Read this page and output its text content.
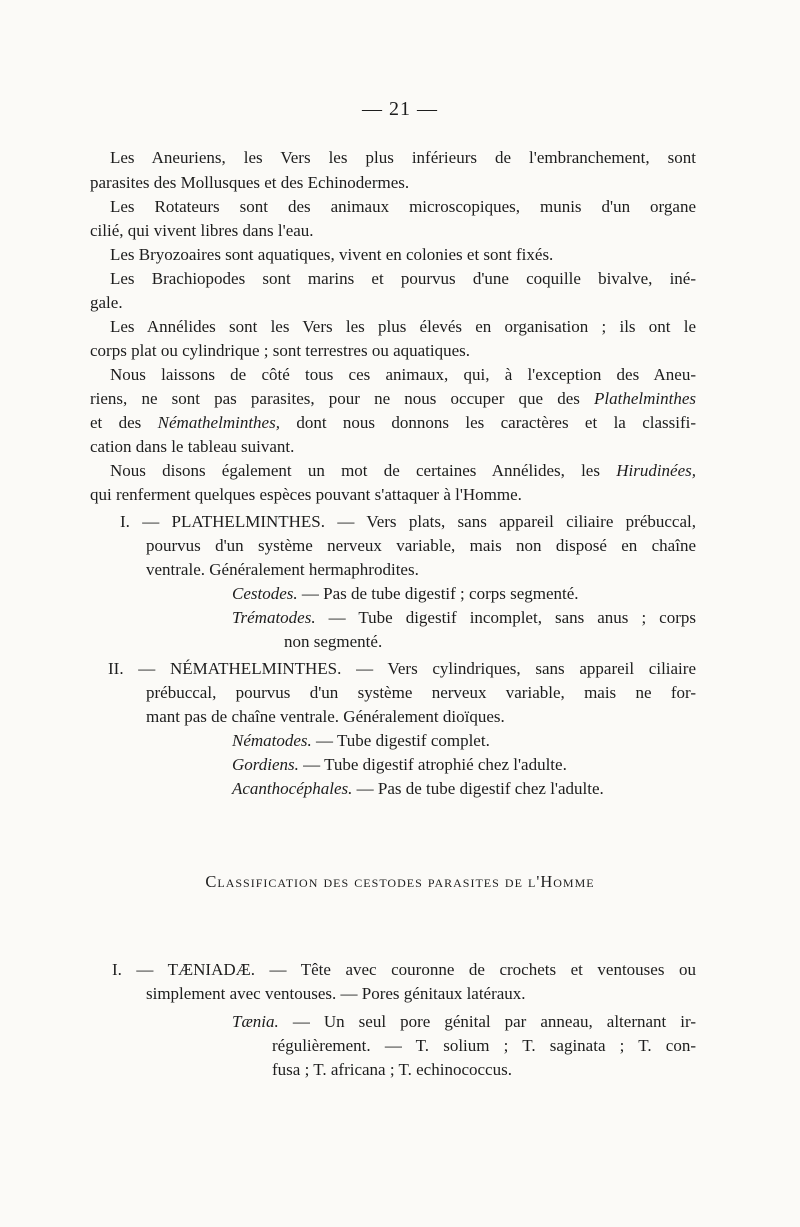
— 21 —
Les Aneuriens, les Vers les plus inférieurs de l'embranchement, sont
parasites des Mollusques et des Echinodermes.
Les Rotateurs sont des animaux microscopiques, munis d'un organe
cilié, qui vivent libres dans l'eau.
Les Bryozoaires sont aquatiques, vivent en colonies et sont fixés.
Les Brachiopodes sont marins et pourvus d'une coquille bivalve, iné-
gale.
Les Annélides sont les Vers les plus élevés en organisation ; ils ont le
corps plat ou cylindrique ; sont terrestres ou aquatiques.
Nous laissons de côté tous ces animaux, qui, à l'exception des Aneu-
riens, ne sont pas parasites, pour ne nous occuper que des Plathelminthes
et des Némathelminthes, dont nous donnons les caractères et la classifi-
cation dans le tableau suivant.
Nous disons également un mot de certaines Annélides, les Hirudinées,
qui renferment quelques espèces pouvant s'attaquer à l'Homme.
I. — PLATHELMINTHES. — Vers plats, sans appareil ciliaire prébuccal,
pourvus d'un système nerveux variable, mais non disposé en chaîne
ventrale. Généralement hermaphrodites.
Cestodes. — Pas de tube digestif ; corps segmenté.
Trématodes. — Tube digestif incomplet, sans anus ; corps
non segmenté.
II. — NÉMATHELMINTHES. — Vers cylindriques, sans appareil ciliaire
prébuccal, pourvus d'un système nerveux variable, mais ne for-
mant pas de chaîne ventrale. Généralement dioïques.
Nématodes. — Tube digestif complet.
Gordiens. — Tube digestif atrophié chez l'adulte.
Acanthocéphales. — Pas de tube digestif chez l'adulte.
Classification des cestodes parasites de l'Homme
I. — TÆNIADÆ. — Tête avec couronne de crochets et ventouses ou
simplement avec ventouses. — Pores génitaux latéraux.
Tænia. — Un seul pore génital par anneau, alternant ir-
régulièrement. — T. solium ; T. saginata ; T. con-
fusa ; T. africana ; T. echinococcus.
